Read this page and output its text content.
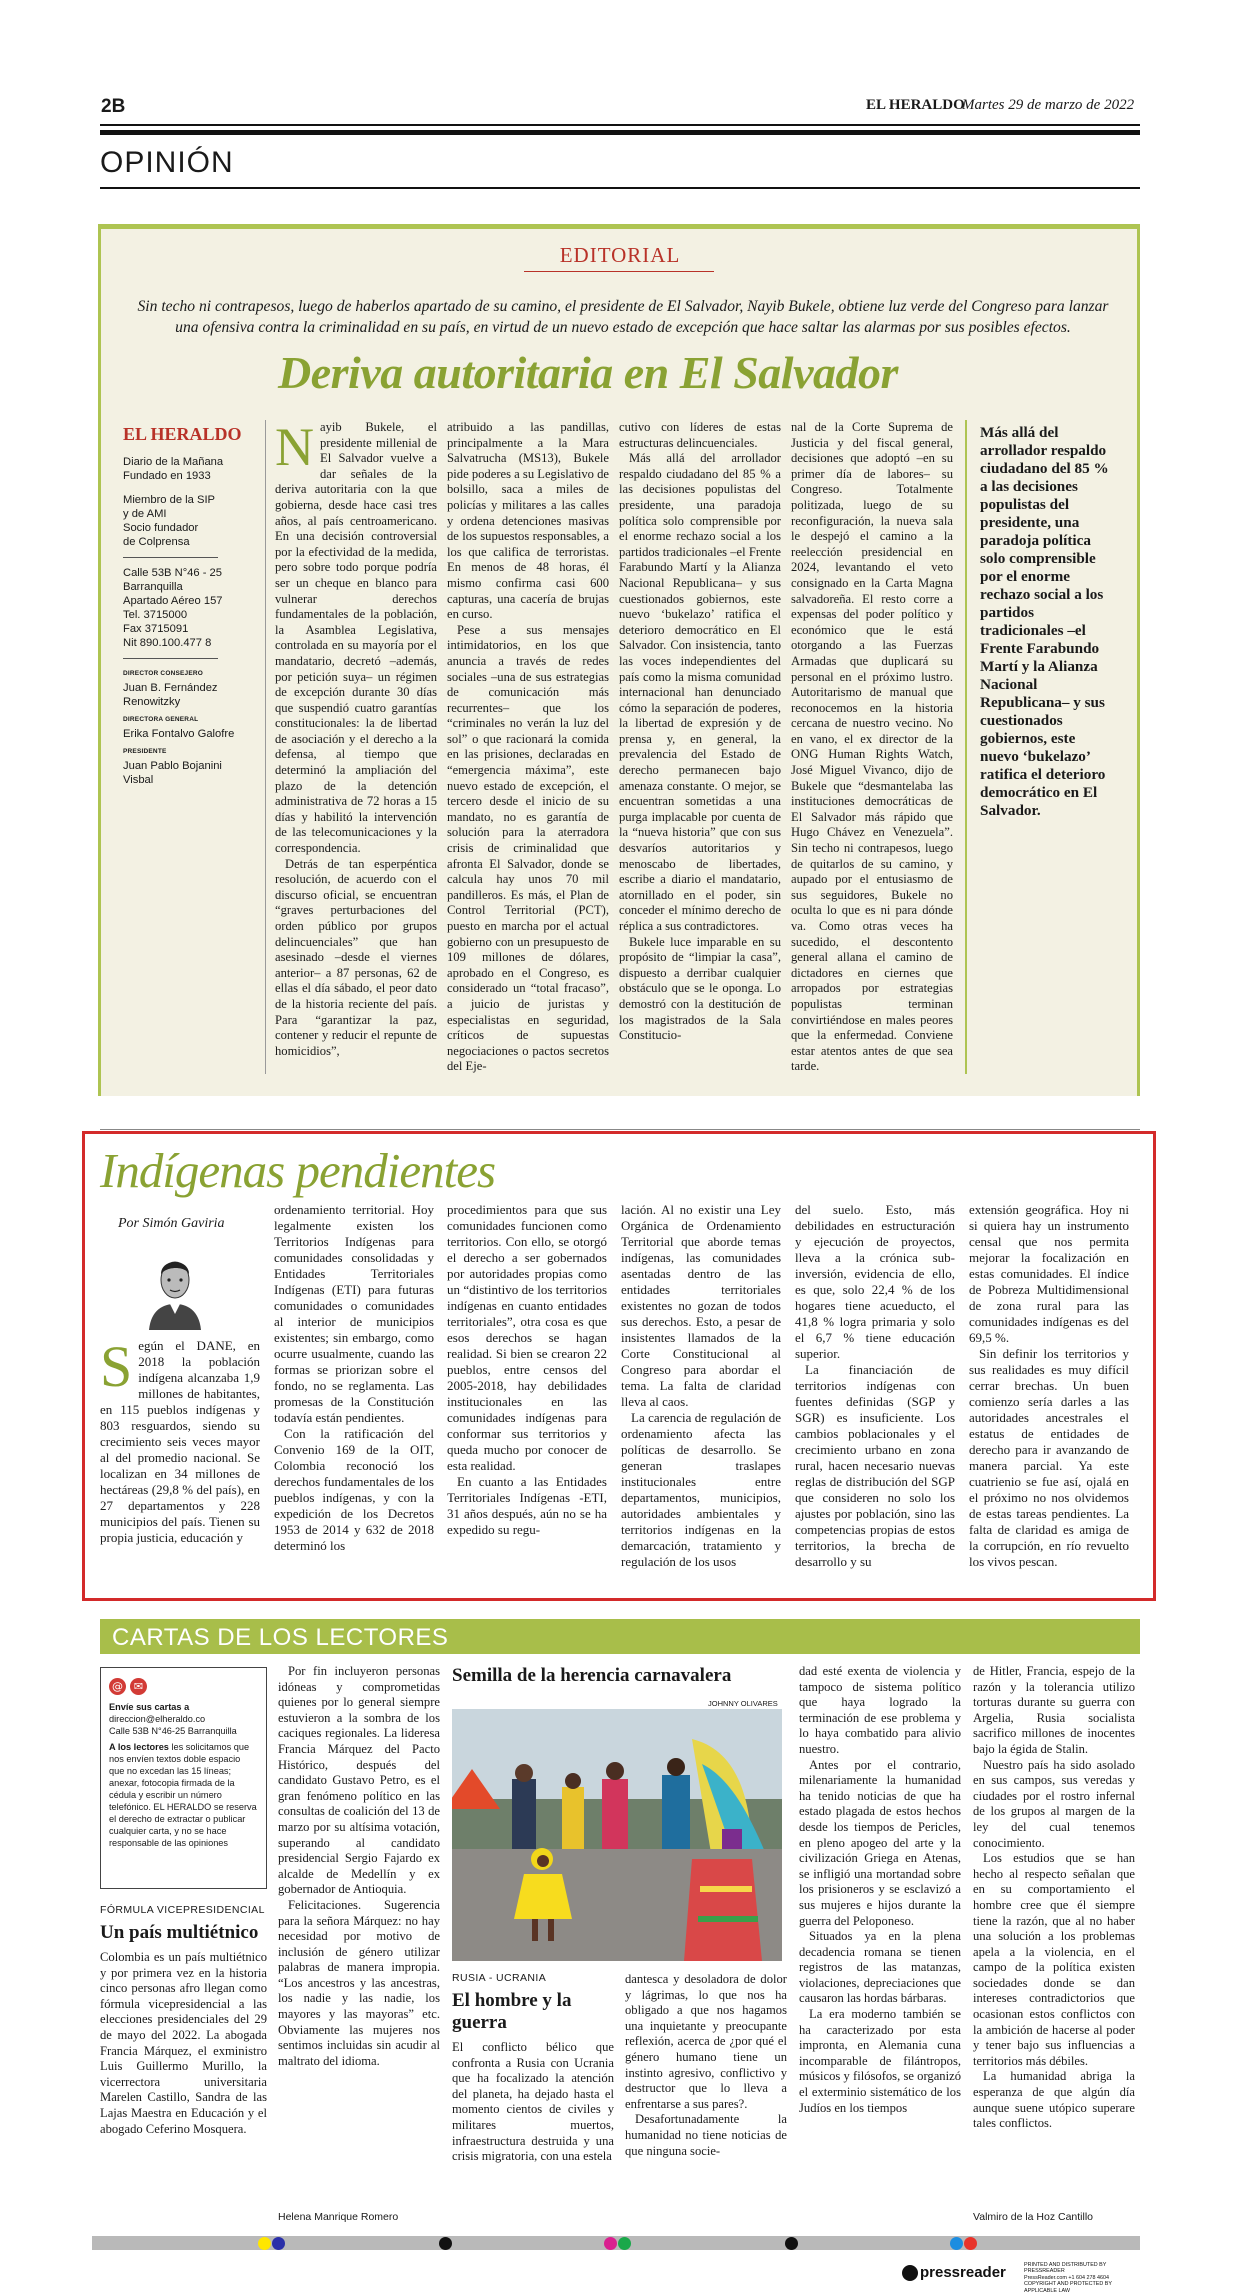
2B	EL HERALDO
Martes 29 de marzo de 2022
OPINIÓN
EDITORIAL
Sin techo ni contrapesos, luego de haberlos apartado de su camino, el presidente de El Salvador, Nayib Bukele, obtiene luz verde del Congreso para lanzar una ofensiva contra la criminalidad en su país, en virtud de un nuevo estado de excepción que hace saltar las alarmas por sus posibles efectos.
Deriva autoritaria en El Salvador
EL HERALDO
Diario de la Mañana
Fundado en 1933
Miembro de la SIP
y de AMI
Socio fundador
de Colprensa
Calle 53B N°46 - 25
Barranquilla
Apartado Aéreo 157
Tel. 3715000
Fax 3715091
Nit 890.100.477 8
DIRECTOR CONSEJERO
Juan B. Fernández
Renowitzky
DIRECTORA GENERAL
Erika Fontalvo Galofre
PRESIDENTE
Juan Pablo Bojanini
Visbal

Nayib Bukele, el presidente millenial de El Salvador vuelve a dar señales de la deriva autoritaria con la que gobierna, desde hace casi tres años, al país centroamericano. En una decisión controversial por la efectividad de la medida, pero sobre todo porque podría ser un cheque en blanco para vulnerar derechos fundamentales de la población, la Asamblea Legislativa, controlada en su mayoría por el mandatario, decretó –además, por petición suya– un régimen de excepción durante 30 días que suspendió cuatro garantías constitucionales: la de libertad de asociación y el derecho a la defensa, al tiempo que determinó la ampliación del plazo de la detención administrativa de 72 horas a 15 días y habilitó la intervención de las telecomunicaciones y la correspondencia.

Detrás de tan esperpéntica resolución, de acuerdo con el discurso oficial, se encuentran “graves perturbaciones del orden público por grupos delincuenciales” que han asesinado –desde el viernes anterior– a 87 personas, 62 de ellas el día sábado, el peor dato de la historia reciente del país. Para “garantizar la paz, contener y reducir el repunte de homicidios”,

atribuido a las pandillas, principalmente a la Mara Salvatrucha (MS13), Bukele pide poderes a su Legislativo de bolsillo, saca a miles de policías y militares a las calles y ordena detenciones masivas de los supuestos responsables, a los que califica de terroristas. En menos de 48 horas, él mismo confirma casi 600 capturas, una cacería de brujas en curso.

Pese a sus mensajes intimidatorios, en los que anuncia a través de redes sociales –una de sus estrategias de comunicación más recurrentes– que los “criminales no verán la luz del sol” o que racionará la comida en las prisiones, declaradas en “emergencia máxima”, este nuevo estado de excepción, el tercero desde el inicio de su mandato, no es garantía de solución para la aterradora crisis de criminalidad que afronta El Salvador, donde se calcula hay unos 70 mil pandilleros. Es más, el Plan de Control Territorial (PCT), puesto en marcha por el actual gobierno con un presupuesto de 109 millones de dólares, aprobado en el Congreso, es considerado un “total fracaso”, a juicio de juristas y especialistas en seguridad, críticos de supuestas negociaciones o pactos secretos del Eje-

cutivo con líderes de estas estructuras delincuenciales.

Más allá del arrollador respaldo ciudadano del 85 % a las decisiones populistas del presidente, una paradoja política solo comprensible por el enorme rechazo social a los partidos tradicionales –el Frente Farabundo Martí y la Alianza Nacional Republicana– y sus cuestionados gobiernos, este nuevo ‘bukelazo’ ratifica el deterioro democrático en El Salvador. Con insistencia, tanto las voces independientes del país como la misma comunidad internacional han denunciado cómo la separación de poderes, la libertad de expresión y de prensa y, en general, la prevalencia del Estado de derecho permanecen bajo amenaza constante. O mejor, se encuentran sometidas a una purga implacable por cuenta de la “nueva historia” que con sus desvaríos autoritarios y menoscabo de libertades, escribe a diario el mandatario, atornillado en el poder, sin conceder el mínimo derecho de réplica a sus contradictores.

Bukele luce imparable en su propósito de “limpiar la casa”, dispuesto a derribar cualquier obstáculo que se le oponga. Lo demostró con la destitución de los magistrados de la Sala Constitucio-

nal de la Corte Suprema de Justicia y del fiscal general, decisiones que adoptó –en su primer día de labores– su Congreso. Totalmente politizada, luego de su reconfiguración, la nueva sala le despejó el camino a la reelección presidencial en 2024, levantando el veto consignado en la Carta Magna salvadoreña. El resto corre a expensas del poder político y económico que le está otorgando a las Fuerzas Armadas que duplicará su personal en el próximo lustro. Autoritarismo de manual que reconocemos en la historia cercana de nuestro vecino. No en vano, el ex director de la ONG Human Rights Watch, José Miguel Vivanco, dijo de Bukele que “desmantelaba las instituciones democráticas de El Salvador más rápido que Hugo Chávez en Venezuela”. Sin techo ni contrapesos, luego de quitarlos de su camino, y aupado por el entusiasmo de sus seguidores, Bukele no oculta lo que es ni para dónde va. Como otras veces ha sucedido, el descontento general allana el camino de dictadores en ciernes que arropados por estrategias populistas terminan convirtiéndose en males peores que la enfermedad. Conviene estar atentos antes de que sea tarde.

Más allá del arrollador respaldo ciudadano del 85 % a las decisiones populistas del presidente, una paradoja política solo comprensible por el enorme rechazo social a los partidos tradicionales –el Frente Farabundo Martí y la Alianza Nacional Republicana– y sus cuestionados gobiernos, este nuevo ‘bukelazo’ ratifica el deterioro democrático en El Salvador.
Indígenas pendientes
Por Simón Gaviria

Según el DANE, en 2018 la población indígena alcanzaba 1,9 millones de habitantes, en 115 pueblos indígenas y 803 resguardos, siendo su crecimiento seis veces mayor al del promedio nacional. Se localizan en 34 millones de hectáreas (29,8 % del país), en 27 departamentos y 228 municipios del país. Tienen su propia justicia, educación y

ordenamiento territorial. Hoy legalmente existen los Territorios Indígenas para comunidades consolidadas y Entidades Territoriales Indígenas (ETI) para futuras comunidades o comunidades al interior de municipios existentes; sin embargo, como ocurre usualmente, cuando las formas se priorizan sobre el fondo, no se reglamenta. Las promesas de la Constitución todavía están pendientes.

Con la ratificación del Convenio 169 de la OIT, Colombia reconoció los derechos fundamentales de los pueblos indígenas, y con la expedición de los Decretos 1953 de 2014 y 632 de 2018 determinó los

procedimientos para que sus comunidades funcionen como territorios. Con ello, se otorgó el derecho a ser gobernados por autoridades propias como un “distintivo de los territorios indígenas en cuanto entidades territoriales”, otra cosa es que esos derechos se hagan realidad. Si bien se crearon 22 pueblos, entre censos del 2005-2018, hay debilidades institucionales en las comunidades indígenas para conformar sus territorios y queda mucho por conocer de esta realidad.

En cuanto a las Entidades Territoriales Indígenas -ETI, 31 años después, aún no se ha expedido su regu-

lación. Al no existir una Ley Orgánica de Ordenamiento Territorial que aborde temas indígenas, las comunidades asentadas dentro de las entidades territoriales existentes no gozan de todos sus derechos. Esto, a pesar de insistentes llamados de la Corte Constitucional al Congreso para abordar el tema. La falta de claridad lleva al caos.

La carencia de regulación de ordenamiento afecta las políticas de desarrollo. Se generan traslapes institucionales entre departamentos, municipios, autoridades ambientales y territorios indígenas en la demarcación, tratamiento y regulación de los usos

del suelo. Esto, más debilidades en estructuración y ejecución de proyectos, lleva a la crónica sub-inversión, evidencia de ello, es que, solo 22,4 % de los hogares tiene acueducto, el 41,8 % logra primaria y solo el 6,7 % tiene educación superior.

La financiación de territorios indígenas con fuentes definidas (SGP y SGR) es insuficiente. Los cambios poblacionales y el crecimiento urbano en zona rural, hacen necesario nuevas reglas de distribución del SGP que consideren no solo los ajustes por población, sino las competencias propias de estos territorios, la brecha de desarrollo y su

extensión geográfica. Hoy ni si quiera hay un instrumento censal que nos permita mejorar la focalización en estas comunidades. El índice de Pobreza Multidimensional de zona rural para las comunidades indígenas es del 69,5 %.

Sin definir los territorios y sus realidades es muy difícil cerrar brechas. Un buen comienzo sería darles a las autoridades ancestrales el estatus de entidades de derecho para ir avanzando de manera parcial. Ya este cuatrienio se fue así, ojalá en el próximo no nos olvidemos de estas tareas pendientes. La falta de claridad es amiga de la corrupción, en río revuelto los vivos pescan.

CARTAS DE LOS LECTORES
@ ✉
Envíe sus cartas a
direccion@elheraldo.co
Calle 53B N°46-25 Barranquilla
A los lectores les solicitamos que nos envíen textos doble espacio que no excedan las 15 líneas; anexar, fotocopia firmada de la cédula y escribir un número telefónico. EL HERALDO se reserva el derecho de extractar o publicar cualquier carta, y no se hace responsable de las opiniones
FÓRMULA VICEPRESIDENCIAL
Un país multiétnico
Colombia es un país multiétnico y por primera vez en la historia cinco personas afro llegan como fórmula vicepresidencial a las elecciones presidenciales del 29 de mayo del 2022. La abogada Francia Márquez, el exministro Luis Guillermo Murillo, la vicerrectora universitaria Marelen Castillo, Sandra de las Lajas Maestra en Educación y el abogado Ceferino Mosquera.

Por fin incluyeron personas idóneas y comprometidas quienes por lo general siempre estuvieron a la sombra de los caciques regionales. La lideresa Francia Márquez del Pacto Histórico, después del candidato Gustavo Petro, es el gran fenómeno político en las consultas de coalición del 13 de marzo por su altísima votación, superando al candidato presidencial Sergio Fajardo ex alcalde de Medellín y ex gobernador de Antioquia.

Felicitaciones. Sugerencia para la señora Márquez: no hay necesidad por motivo de inclusión de género utilizar palabras de manera impropia. “Los ancestros y las ancestras, los nadie y las nadie, los mayores y las mayoras” etc. Obviamente las mujeres nos sentimos incluidas sin acudir al maltrato del idioma.

Helena Manrique Romero
Semilla de la herencia carnavalera
JOHNNY OLIVARES
RUSIA - UCRANIA
El hombre y la guerra
El conflicto bélico que confronta a Rusia con Ucrania que ha focalizado la atención del planeta, ha dejado hasta el momento cientos de civiles y militares muertos, infraestructura destruida y una crisis migratoria, con una estela

dantesca y desoladora de dolor y lágrimas, lo que nos ha obligado a que nos hagamos una inquietante y preocupante reflexión, acerca de ¿por qué el género humano tiene un instinto agresivo, conflictivo y destructor que lo lleva a enfrentarse a sus pares?.

Desafortunadamente la humanidad no tiene noticias de que ninguna socie-

dad esté exenta de violencia y tampoco de sistema político que haya logrado la terminación de ese problema y lo haya combatido para alivio nuestro.

Antes por el contrario, milenariamente la humanidad ha tenido noticias de que ha estado plagada de estos hechos desde los tiempos de Pericles, en pleno apogeo del arte y la civilización Griega en Atenas, se infligió una mortandad sobre los prisioneros y se esclavizó a sus mujeres e hijos durante la guerra del Peloponeso.

Situados ya en la plena decadencia romana se tienen registros de las matanzas, violaciones, depreciaciones que causaron las hordas bárbaras.

La era moderno también se ha caracterizado por esta impronta, en Alemania cuna incomparable de filántropos, músicos y filósofos, se organizó el exterminio sistemático de los Judíos en los tiempos

de Hitler, Francia, espejo de la razón y la tolerancia utilizo torturas durante su guerra con Argelia, Rusia socialista sacrifico millones de inocentes bajo la égida de Stalin.

Nuestro país ha sido asolado en sus campos, sus veredas y ciudades por el rostro infernal de los grupos al margen de la ley del cual tenemos conocimiento.

Los estudios que se han hecho al respecto señalan que en su comportamiento el hombre cree que él siempre tiene la razón, que al no haber una solución a los problemas apela a la violencia, en el campo de la política existen sociedades donde se dan intereses contradictorios que ocasionan estos conflictos con la ambición de hacerse al poder y tener bajo sus influencias a territorios más débiles.

La humanidad abriga la esperanza de que algún día aunque suene utópico superare tales conflictos.

Valmiro de la Hoz Cantillo
pressreader	PRINTED AND DISTRIBUTED BY PRESSREADER
PressReader.com +1 604 278 4604
COPYRIGHT AND PROTECTED BY APPLICABLE LAW
